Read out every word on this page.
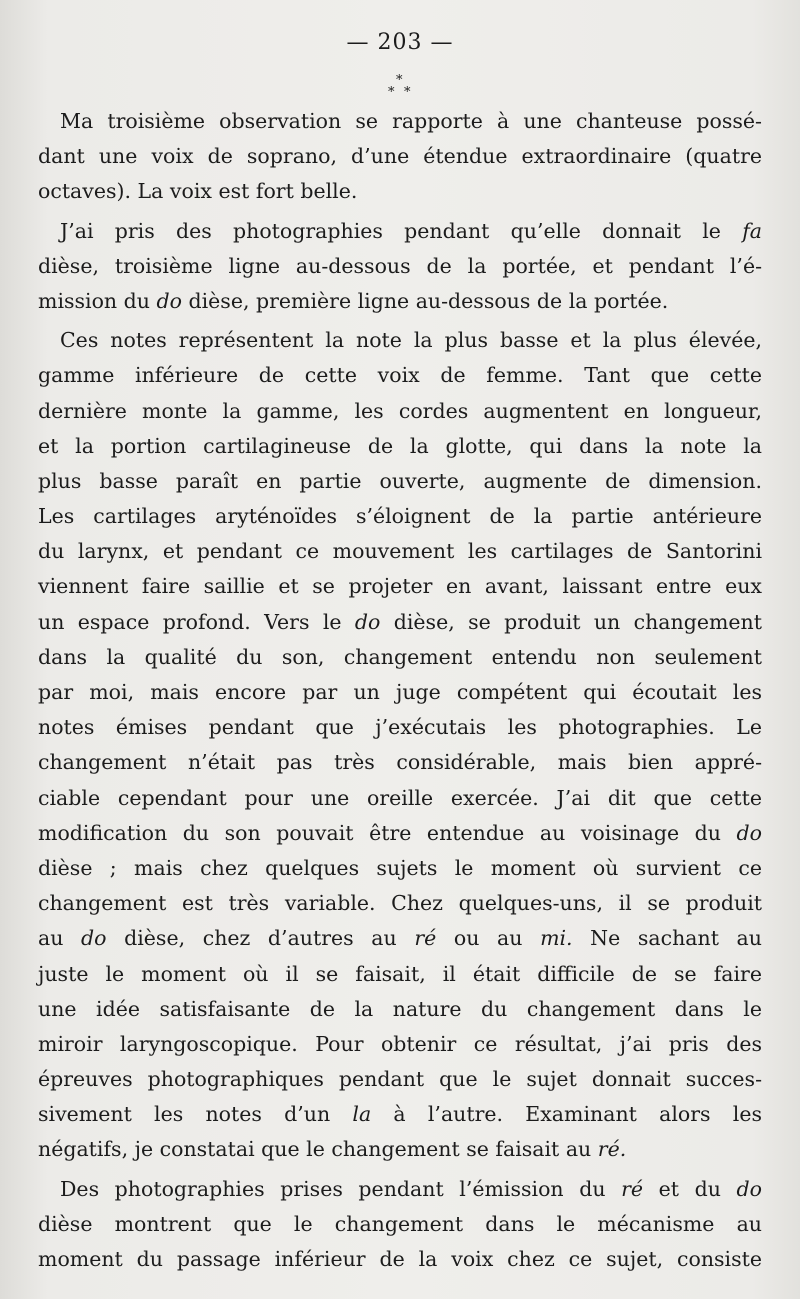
— 203 —
*
* *
Ma troisième observation se rapporte à une chanteuse possé-
dant une voix de soprano, d’une étendue extraordinaire (quatre
octaves). La voix est fort belle.
J’ai pris des photographies pendant qu’elle donnait le fa
dièse, troisième ligne au-dessous de la portée, et pendant l’é-
mission du do dièse, première ligne au-dessous de la portée.
Ces notes représentent la note la plus basse et la plus élevée,
gamme inférieure de cette voix de femme. Tant que cette
dernière monte la gamme, les cordes augmentent en longueur,
et la portion cartilagineuse de la glotte, qui dans la note la
plus basse paraît en partie ouverte, augmente de dimension.
Les cartilages aryténoïdes s’éloignent de la partie antérieure
du larynx, et pendant ce mouvement les cartilages de Santorini
viennent faire saillie et se projeter en avant, laissant entre eux
un espace profond. Vers le do dièse, se produit un changement
dans la qualité du son, changement entendu non seulement
par moi, mais encore par un juge compétent qui écoutait les
notes émises pendant que j’exécutais les photographies. Le
changement n’était pas très considérable, mais bien appré-
ciable cependant pour une oreille exercée. J’ai dit que cette
modification du son pouvait être entendue au voisinage du do
dièse ; mais chez quelques sujets le moment où survient ce
changement est très variable. Chez quelques-uns, il se produit
au do dièse, chez d’autres au ré ou au mi. Ne sachant au
juste le moment où il se faisait, il était difficile de se faire
une idée satisfaisante de la nature du changement dans le
miroir laryngoscopique. Pour obtenir ce résultat, j’ai pris des
épreuves photographiques pendant que le sujet donnait succes-
sivement les notes d’un la à l’autre. Examinant alors les
négatifs, je constatai que le changement se faisait au ré.
Des photographies prises pendant l’émission du ré et du do
dièse montrent que le changement dans le mécanisme au
moment du passage inférieur de la voix chez ce sujet, consiste
